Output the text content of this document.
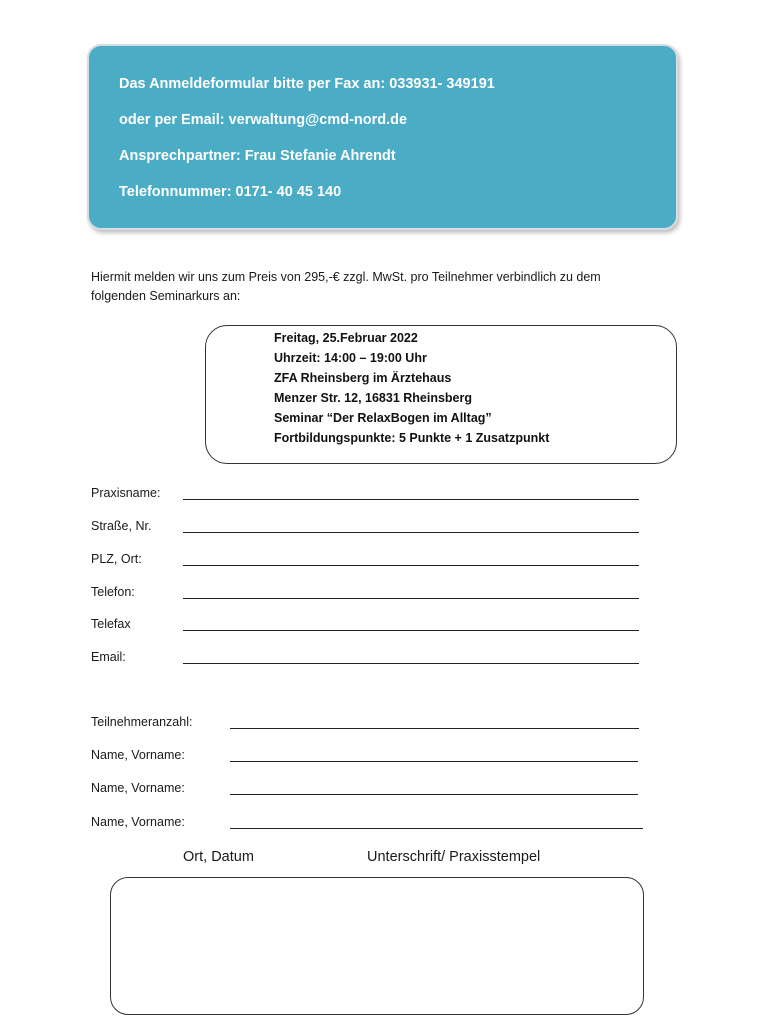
Das Anmeldeformular bitte per Fax an: 033931- 349191
oder per Email: verwaltung@cmd-nord.de
Ansprechpartner: Frau Stefanie Ahrendt
Telefonnummer: 0171- 40 45 140
Hiermit melden wir uns zum Preis von 295,-€ zzgl. MwSt. pro Teilnehmer verbindlich zu dem
folgenden Seminarkurs an:
Freitag, 25.Februar 2022
Uhrzeit: 14:00 – 19:00 Uhr
ZFA Rheinsberg im Ärztehaus
Menzer Str. 12, 16831 Rheinsberg
Seminar “Der RelaxBogen im Alltag”
Fortbildungspunkte: 5 Punkte + 1 Zusatzpunkt
Praxisname:
Straße, Nr.
PLZ, Ort:
Telefon:
Telefax
Email:
Teilnehmeranzahl:
Name, Vorname:
Name, Vorname:
Name, Vorname:
Ort, Datum	Unterschrift/ Praxisstempel
